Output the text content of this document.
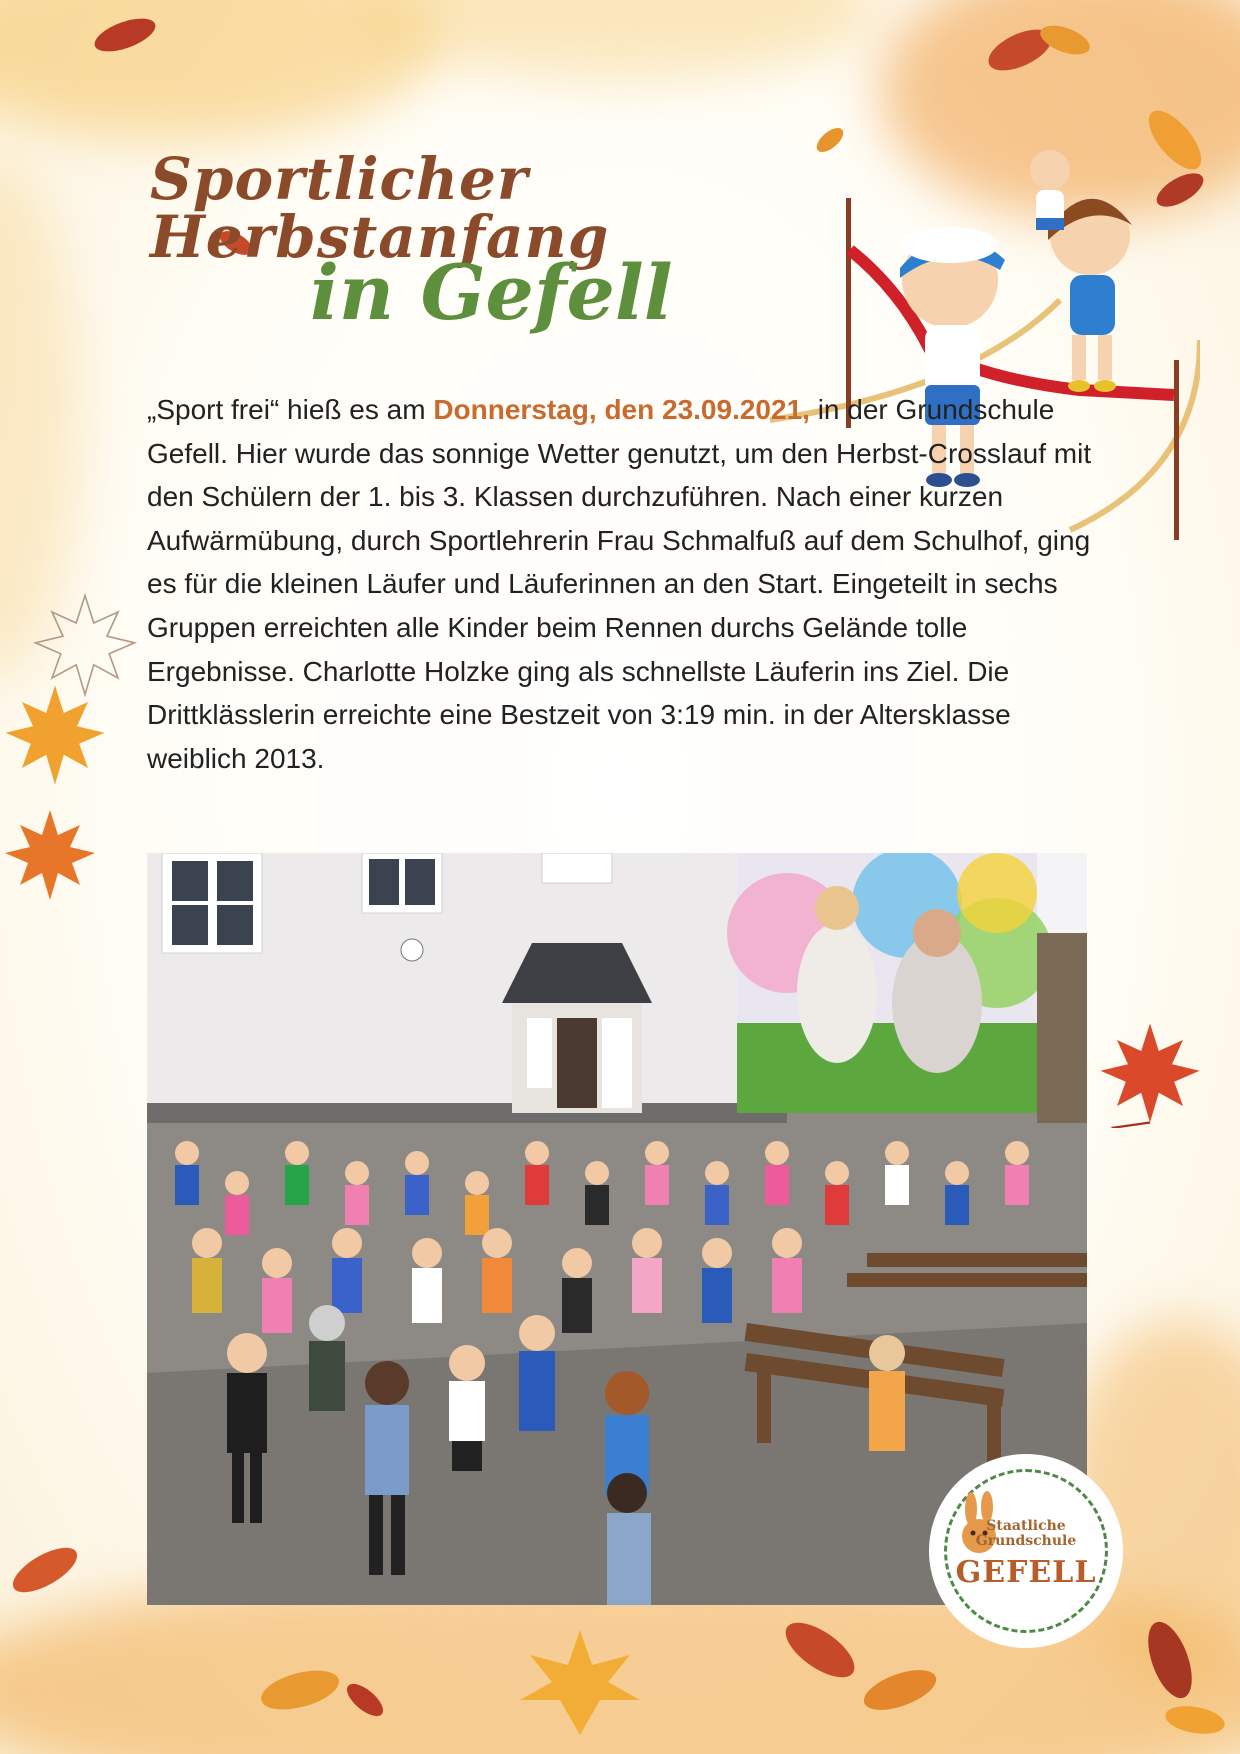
Sportlicher Herbstanfang
in Gefell

„Sport frei“ hieß es am Donnerstag, den 23.09.2021, in der Grundschule Gefell. Hier wurde das sonnige Wetter genutzt, um den Herbst-Crosslauf mit den Schülern der 1. bis 3. Klassen durchzuführen. Nach einer kurzen Aufwärmübung, durch Sportlehrerin Frau Schmalfuß auf dem Schulhof, ging es für die kleinen Läufer und Läuferinnen an den Start. Eingeteilt in sechs Gruppen erreichten alle Kinder beim Rennen durchs Gelände tolle Ergebnisse. Charlotte Holzke ging als schnellste Läuferin ins Ziel. Die Drittklässlerin erreichte eine Bestzeit von 3:19 min. in der Altersklasse weiblich 2013.

Staatliche Grundschule
GEFELL
